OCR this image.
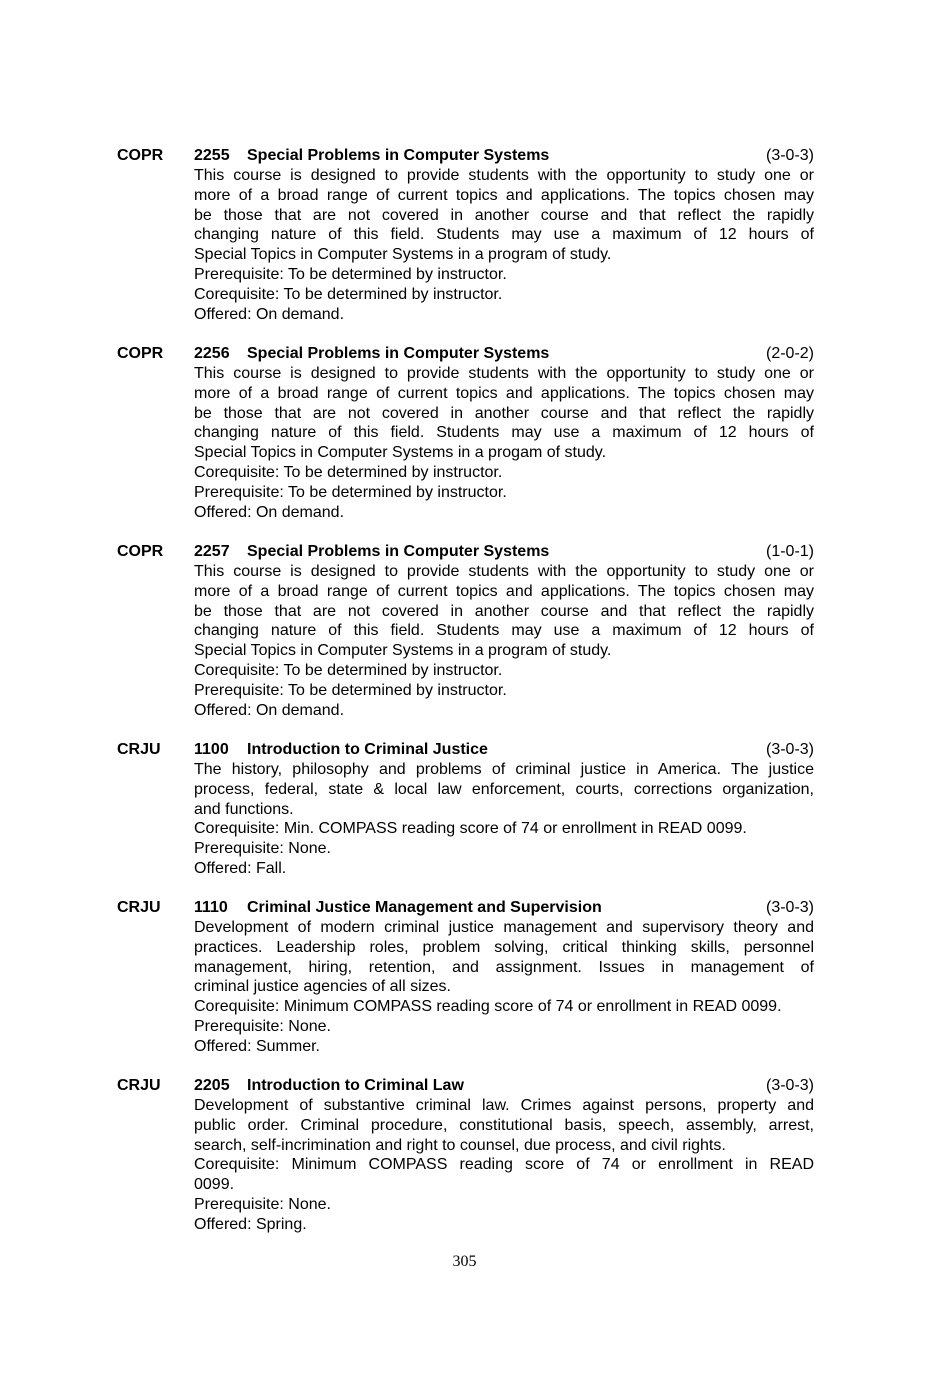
COPR 2255 Special Problems in Computer Systems	(3-0-3)
This course is designed to provide students with the opportunity to study one or
more of a broad range of current topics and applications. The topics chosen may
be those that are not covered in another course and that reflect the rapidly
changing nature of this field. Students may use a maximum of 12 hours of
Special Topics in Computer Systems in a program of study.
Prerequisite: To be determined by instructor.
Corequisite: To be determined by instructor.
Offered: On demand.
COPR 2256 Special Problems in Computer Systems	(2-0-2)
This course is designed to provide students with the opportunity to study one or
more of a broad range of current topics and applications. The topics chosen may
be those that are not covered in another course and that reflect the rapidly
changing nature of this field. Students may use a maximum of 12 hours of
Special Topics in Computer Systems in a progam of study.
Corequisite: To be determined by instructor.
Prerequisite: To be determined by instructor.
Offered: On demand.
COPR 2257 Special Problems in Computer Systems	(1-0-1)
This course is designed to provide students with the opportunity to study one or
more of a broad range of current topics and applications. The topics chosen may
be those that are not covered in another course and that reflect the rapidly
changing nature of this field. Students may use a maximum of 12 hours of
Special Topics in Computer Systems in a program of study.
Corequisite: To be determined by instructor.
Prerequisite: To be determined by instructor.
Offered: On demand.
CRJU 1100 Introduction to Criminal Justice	(3-0-3)
The history, philosophy and problems of criminal justice in America. The justice
process, federal, state & local law enforcement, courts, corrections organization,
and functions.
Corequisite: Min. COMPASS reading score of 74 or enrollment in READ 0099.
Prerequisite: None.
Offered: Fall.
CRJU 1110 Criminal Justice Management and Supervision	(3-0-3)
Development of modern criminal justice management and supervisory theory and
practices. Leadership roles, problem solving, critical thinking skills, personnel
management, hiring, retention, and assignment. Issues in management of
criminal justice agencies of all sizes.
Corequisite: Minimum COMPASS reading score of 74 or enrollment in READ 0099.
Prerequisite: None.
Offered: Summer.
CRJU 2205 Introduction to Criminal Law	(3-0-3)
Development of substantive criminal law. Crimes against persons, property and
public order. Criminal procedure, constitutional basis, speech, assembly, arrest,
search, self-incrimination and right to counsel, due process, and civil rights.
Corequisite: Minimum COMPASS reading score of 74 or enrollment in READ
0099.
Prerequisite: None.
Offered: Spring.
305
